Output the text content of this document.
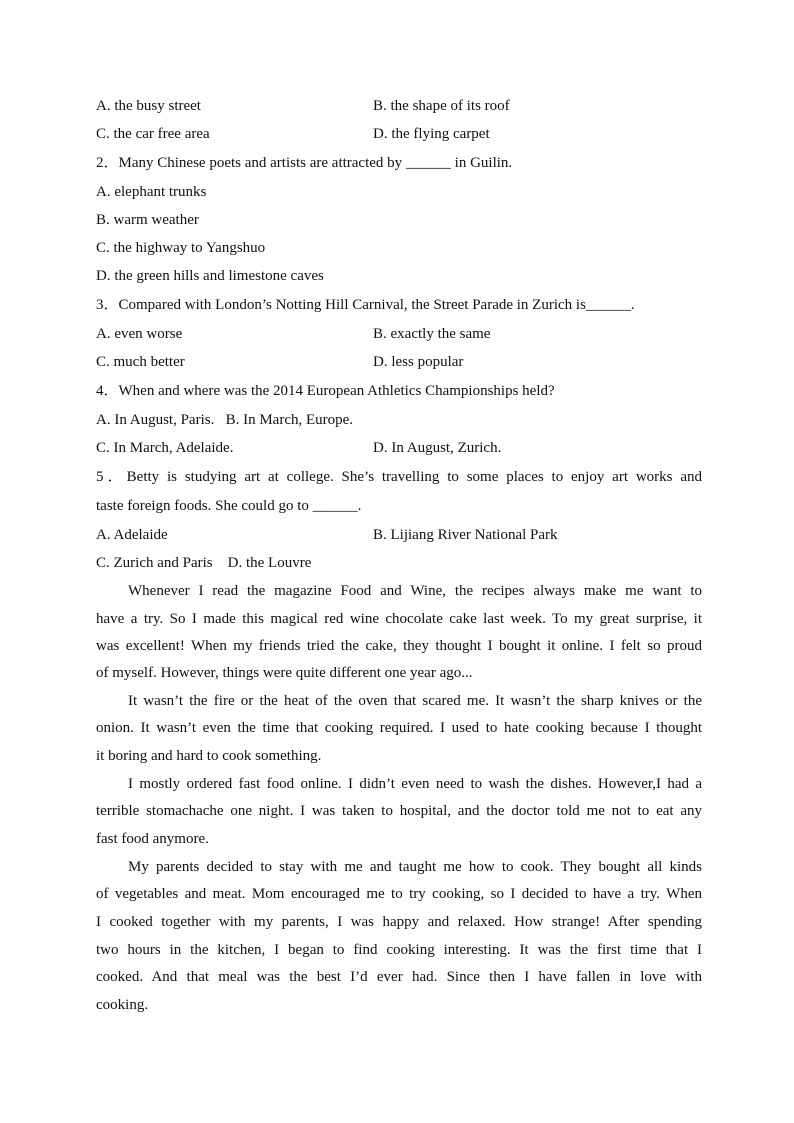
A. the busy street	B. the shape of its roof
C. the car free area	D. the flying carpet
2．Many Chinese poets and artists are attracted by ______ in Guilin.
A. elephant trunks
B. warm weather
C. the highway to Yangshuo
D. the green hills and limestone caves
3．Compared with London’s Notting Hill Carnival, the Street Parade in Zurich is______.
A. even worse	B. exactly the same
C. much better	D. less popular
4．When and where was the 2014 European Athletics Championships held?
A. In August, Paris.   B. In March, Europe.
C. In March, Adelaide.	D. In August, Zurich.
5．Betty is studying art at college. She’s travelling to some places to enjoy art works and
taste foreign foods. She could go to ______.
A. Adelaide	B. Lijiang River National Park
C. Zurich and Paris    D. the Louvre
Whenever I read the magazine Food and Wine, the recipes always make me want to
have a try. So I made this magical red wine chocolate cake last week. To my great surprise, it
was excellent! When my friends tried the cake, they thought I bought it online. I felt so proud
of myself. However, things were quite different one year ago...
It wasn’t the fire or the heat of the oven that scared me. It wasn’t the sharp knives or the
onion. It wasn’t even the time that cooking required. I used to hate cooking because I thought
it boring and hard to cook something.
I mostly ordered fast food online. I didn’t even need to wash the dishes. However,I had a
terrible stomachache one night. I was taken to hospital, and the doctor told me not to eat any
fast food anymore.
My parents decided to stay with me and taught me how to cook. They bought all kinds
of vegetables and meat. Mom encouraged me to try cooking, so I decided to have a try. When
I cooked together with my parents, I was happy and relaxed. How strange! After spending
two hours in the kitchen, I began to find cooking interesting. It was the first time that I
cooked. And that meal was the best I’d ever had. Since then I have fallen in love with
cooking.
